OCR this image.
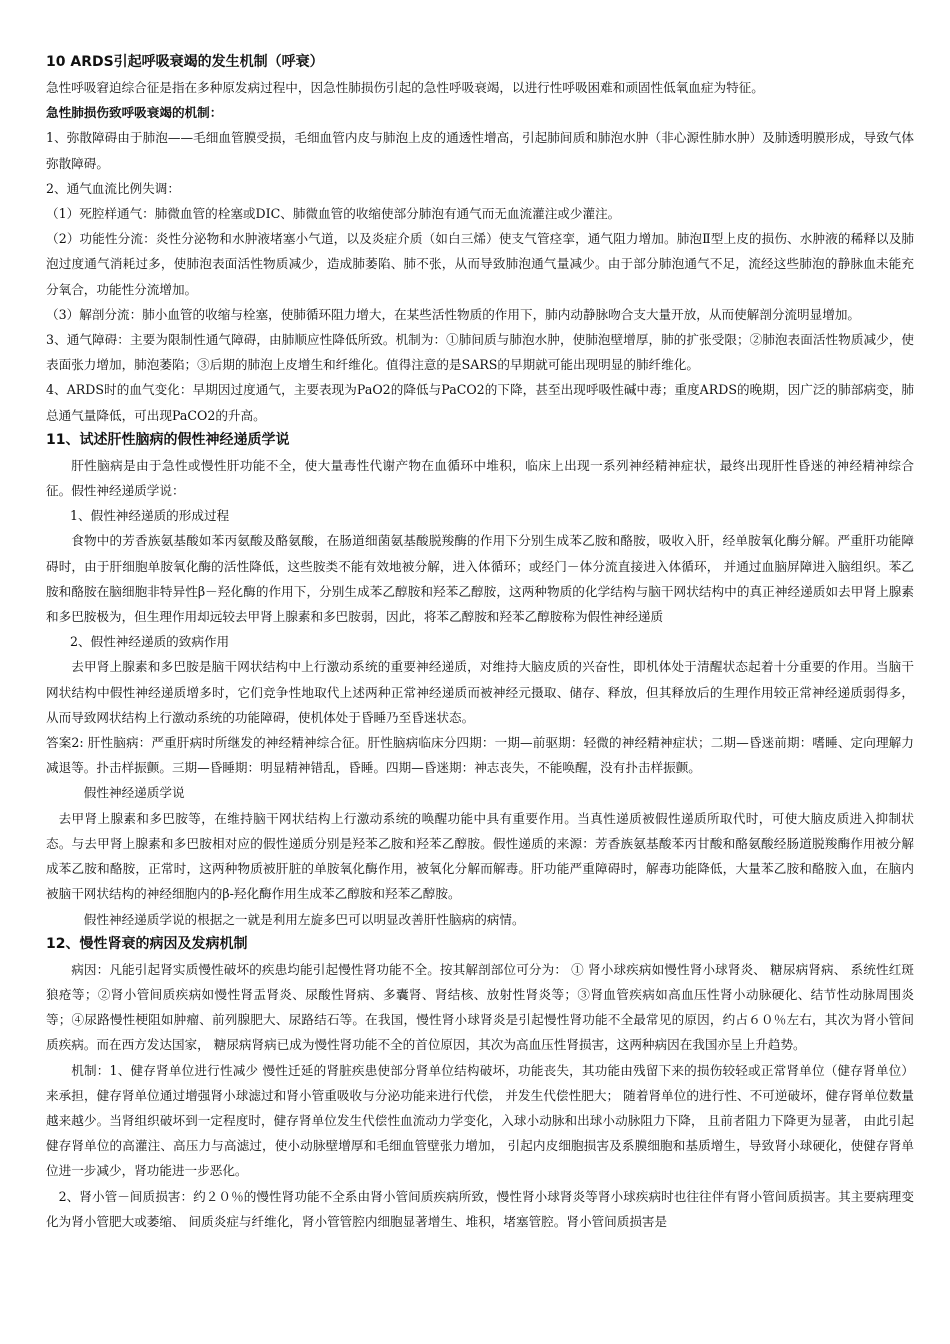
10 ARDS引起呼吸衰竭的发生机制（呼衰）

急性呼吸窘迫综合征是指在多种原发病过程中，因急性肺损伤引起的急性呼吸衰竭，以进行性呼吸困难和顽固性低氧血症为特征。

急性肺损伤致呼吸衰竭的机制：

1、弥散障碍由于肺泡——毛细血管膜受损，毛细血管内皮与肺泡上皮的通透性增高，引起肺间质和肺泡水肿（非心源性肺水肿）及肺透明膜形成，导致气体弥散障碍。

2、通气血流比例失调：

（1）死腔样通气：肺微血管的栓塞或DIC、肺微血管的收缩使部分肺泡有通气而无血流灌注或少灌注。

（2）功能性分流：炎性分泌物和水肿液堵塞小气道，以及炎症介质（如白三烯）使支气管痉挛，通气阻力增加。肺泡Ⅱ型上皮的损伤、水肿液的稀释以及肺泡过度通气消耗过多，使肺泡表面活性物质减少，造成肺萎陷、肺不张，从而导致肺泡通气量减少。由于部分肺泡通气不足，流经这些肺泡的静脉血未能充分氧合，功能性分流增加。

（3）解剖分流：肺小血管的收缩与栓塞，使肺循环阻力增大，在某些活性物质的作用下，肺内动静脉吻合支大量开放，从而使解剖分流明显增加。

3、通气障碍：主要为限制性通气障碍，由肺顺应性降低所致。机制为：①肺间质与肺泡水肿，使肺泡壁增厚，肺的扩张受限；②肺泡表面活性物质减少，使表面张力增加，肺泡萎陷；③后期的肺泡上皮增生和纤维化。值得注意的是SARS的早期就可能出现明显的肺纤维化。

4、ARDS时的血气变化：早期因过度通气，主要表现为PaO2的降低与PaCO2的下降，甚至出现呼吸性碱中毒；重度ARDS的晚期，因广泛的肺部病变，肺总通气量降低，可出现PaCO2的升高。

11、试述肝性脑病的假性神经递质学说

肝性脑病是由于急性或慢性肝功能不全，使大量毒性代谢产物在血循环中堆积，临床上出现一系列神经精神症状，最终出现肝性昏迷的神经精神综合征。假性神经递质学说：

1、假性神经递质的形成过程

食物中的芳香族氨基酸如苯丙氨酸及酪氨酸，在肠道细菌氨基酸脱羧酶的作用下分别生成苯乙胺和酪胺，吸收入肝，经单胺氧化酶分解。严重肝功能障碍时，由于肝细胞单胺氧化酶的活性降低，这些胺类不能有效地被分解，进入体循环；或经门－体分流直接进入体循环， 并通过血脑屏障进入脑组织。苯乙胺和酪胺在脑细胞非特异性β－羟化酶的作用下，分别生成苯乙醇胺和羟苯乙醇胺，这两种物质的化学结构与脑干网状结构中的真正神经递质如去甲肾上腺素和多巴胺极为，但生理作用却远较去甲肾上腺素和多巴胺弱，因此，将苯乙醇胺和羟苯乙醇胺称为假性神经递质

2、假性神经递质的致病作用

去甲肾上腺素和多巴胺是脑干网状结构中上行激动系统的重要神经递质，对维持大脑皮质的兴奋性，即机体处于清醒状态起着十分重要的作用。当脑干网状结构中假性神经递质增多时，它们竞争性地取代上述两种正常神经递质而被神经元摄取、储存、释放，但其释放后的生理作用较正常神经递质弱得多，从而导致网状结构上行激动系统的功能障碍，使机体处于昏睡乃至昏迷状态。

答案2: 肝性脑病：严重肝病时所继发的神经精神综合征。肝性脑病临床分四期：一期—前驱期：轻微的神经精神症状；二期—昏迷前期：嗜睡、定向理解力减退等。扑击样振颤。三期—昏睡期：明显精神错乱，昏睡。四期—昏迷期：神志丧失，不能唤醒，没有扑击样振颤。

假性神经递质学说

去甲肾上腺素和多巴胺等，在维持脑干网状结构上行激动系统的唤醒功能中具有重要作用。当真性递质被假性递质所取代时，可使大脑皮质进入抑制状态。与去甲肾上腺素和多巴胺相对应的假性递质分别是羟苯乙胺和羟苯乙醇胺。假性递质的来源：芳香族氨基酸苯丙甘酸和酪氨酸经肠道脱羧酶作用被分解成苯乙胺和酪胺，正常时，这两种物质被肝脏的单胺氧化酶作用，被氧化分解而解毒。肝功能严重障碍时，解毒功能降低，大量苯乙胺和酪胺入血，在脑内被脑干网状结构的神经细胞内的β-羟化酶作用生成苯乙醇胺和羟苯乙醇胺。

假性神经递质学说的根据之一就是利用左旋多巴可以明显改善肝性脑病的病情。

12、慢性肾衰的病因及发病机制

病因：凡能引起肾实质慢性破坏的疾患均能引起慢性肾功能不全。按其解剖部位可分为： ① 肾小球疾病如慢性肾小球肾炎、 糖尿病肾病、 系统性红斑狼疮等；②肾小管间质疾病如慢性肾盂肾炎、尿酸性肾病、多囊肾、肾结核、放射性肾炎等；③肾血管疾病如高血压性肾小动脉硬化、结节性动脉周围炎等；④尿路慢性梗阻如肿瘤、前列腺肥大、尿路结石等。在我国，慢性肾小球肾炎是引起慢性肾功能不全最常见的原因，约占６０％左右，其次为肾小管间质疾病。而在西方发达国家， 糖尿病肾病已成为慢性肾功能不全的首位原因，其次为高血压性肾损害，这两种病因在我国亦呈上升趋势。

机制：1、健存肾单位进行性减少 慢性迁延的肾脏疾患使部分肾单位结构破坏，功能丧失，其功能由残留下来的损伤较轻或正常肾单位（健存肾单位）来承担，健存肾单位通过增强肾小球滤过和肾小管重吸收与分泌功能来进行代偿， 并发生代偿性肥大； 随着肾单位的进行性、不可逆破坏，健存肾单位数量越来越少。当肾组织破坏到一定程度时，健存肾单位发生代偿性血流动力学变化，入球小动脉和出球小动脉阻力下降， 且前者阻力下降更为显著， 由此引起健存肾单位的高灌注、高压力与高滤过，使小动脉壁增厚和毛细血管壁张力增加， 引起内皮细胞损害及系膜细胞和基质增生，导致肾小球硬化，使健存肾单位进一步减少，肾功能进一步恶化。

2、肾小管－间质损害：约２０％的慢性肾功能不全系由肾小管间质疾病所致，慢性肾小球肾炎等肾小球疾病时也往往伴有肾小管间质损害。其主要病理变化为肾小管肥大或萎缩、 间质炎症与纤维化，肾小管管腔内细胞显著增生、堆积，堵塞管腔。肾小管间质损害是
